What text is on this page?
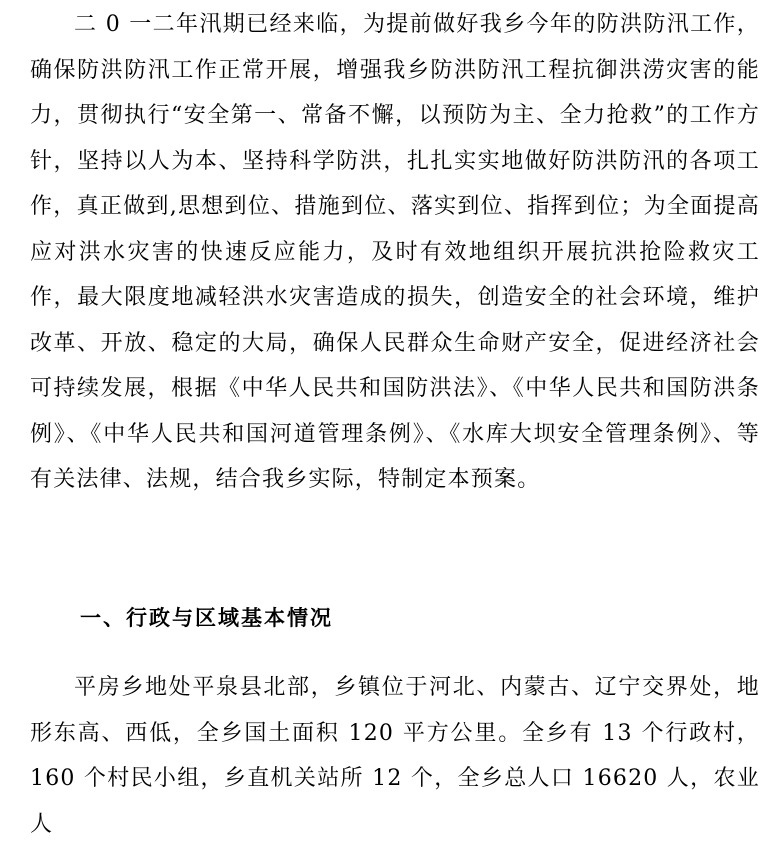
二 0 一二年汛期已经来临，为提前做好我乡今年的防洪防汛工作，确保防洪防汛工作正常开展，增强我乡防洪防汛工程抗御洪涝灾害的能力，贯彻执行“安全第一、常备不懈，以预防为主、全力抢救”的工作方针，坚持以人为本、坚持科学防洪，扎扎实实地做好防洪防汛的各项工作，真正做到,思想到位、措施到位、落实到位、指挥到位；为全面提高应对洪水灾害的快速反应能力，及时有效地组织开展抗洪抢险救灾工作，最大限度地减轻洪水灾害造成的损失，创造安全的社会环境，维护改革、开放、稳定的大局，确保人民群众生命财产安全，促进经济社会可持续发展，根据《中华人民共和国防洪法》、《中华人民共和国防洪条例》、《中华人民共和国河道管理条例》、《水库大坝安全管理条例》、等有关法律、法规，结合我乡实际，特制定本预案。

一、行政与区域基本情况

平房乡地处平泉县北部，乡镇位于河北、内蒙古、辽宁交界处，地形东高、西低，全乡国土面积 120 平方公里。全乡有 13 个行政村，160 个村民小组，乡直机关站所 12 个，全乡总人口 16620 人，农业人
